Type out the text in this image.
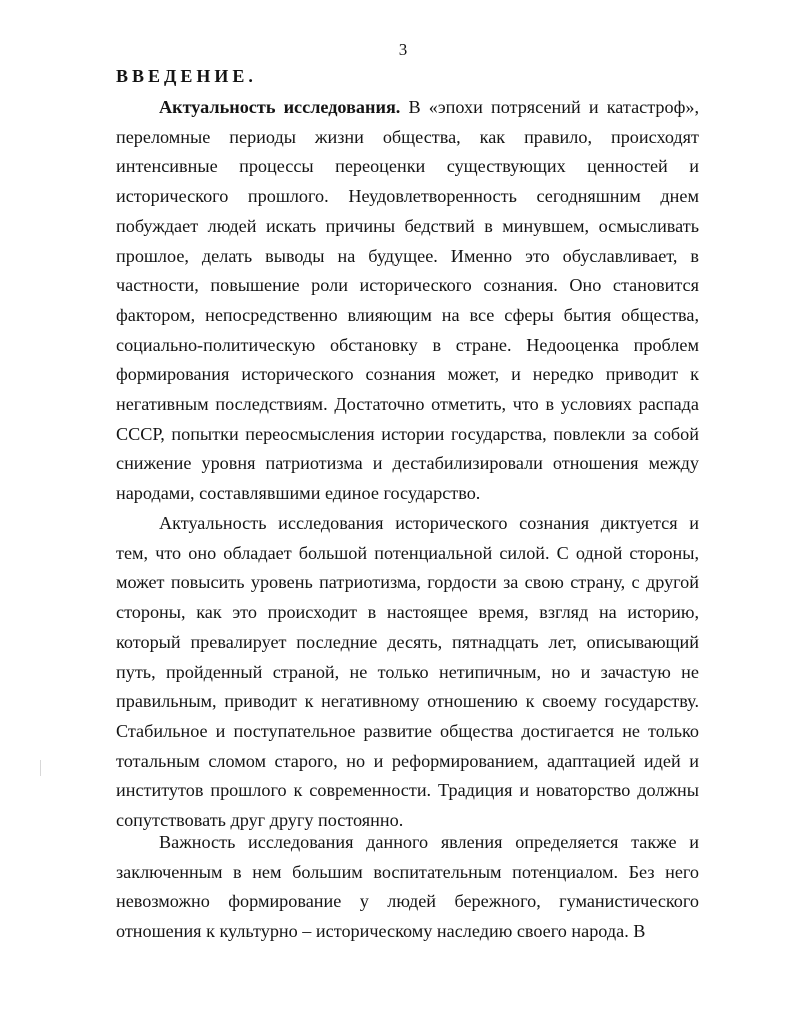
3
ВВЕДЕНИЕ.

Актуальность исследования. В «эпохи потрясений и катастроф», переломные периоды жизни общества, как правило, происходят интенсивные процессы переоценки существующих ценностей и исторического прошлого. Неудовлетворенность сегодняшним днем побуждает людей искать причины бедствий в минувшем, осмысливать прошлое, делать выводы на будущее. Именно это обуславливает, в частности, повышение роли исторического сознания. Оно становится фактором, непосредственно влияющим на все сферы бытия общества, социально-политическую обстановку в стране. Недооценка проблем формирования исторического сознания может, и нередко приводит к негативным последствиям. Достаточно отметить, что в условиях распада СССР, попытки переосмысления истории государства, повлекли за собой снижение уровня патриотизма и дестабилизировали отношения между народами, составлявшими единое государство.

Актуальность исследования исторического сознания диктуется и тем, что оно обладает большой потенциальной силой. С одной стороны, может повысить уровень патриотизма, гордости за свою страну, с другой стороны, как это происходит в настоящее время, взгляд на историю, который превалирует последние десять, пятнадцать лет, описывающий путь, пройденный страной, не только нетипичным, но и зачастую не правильным, приводит к негативному отношению к своему государству. Стабильное и поступательное развитие общества достигается не только тотальным сломом старого, но и реформированием, адаптацией идей и институтов прошлого к современности. Традиция и новаторство должны сопутствовать друг другу постоянно.

Важность исследования данного явления определяется также и заключенным в нем большим воспитательным потенциалом. Без него невозможно формирование у людей бережного, гуманистического отношения к культурно – историческому наследию своего народа. В
